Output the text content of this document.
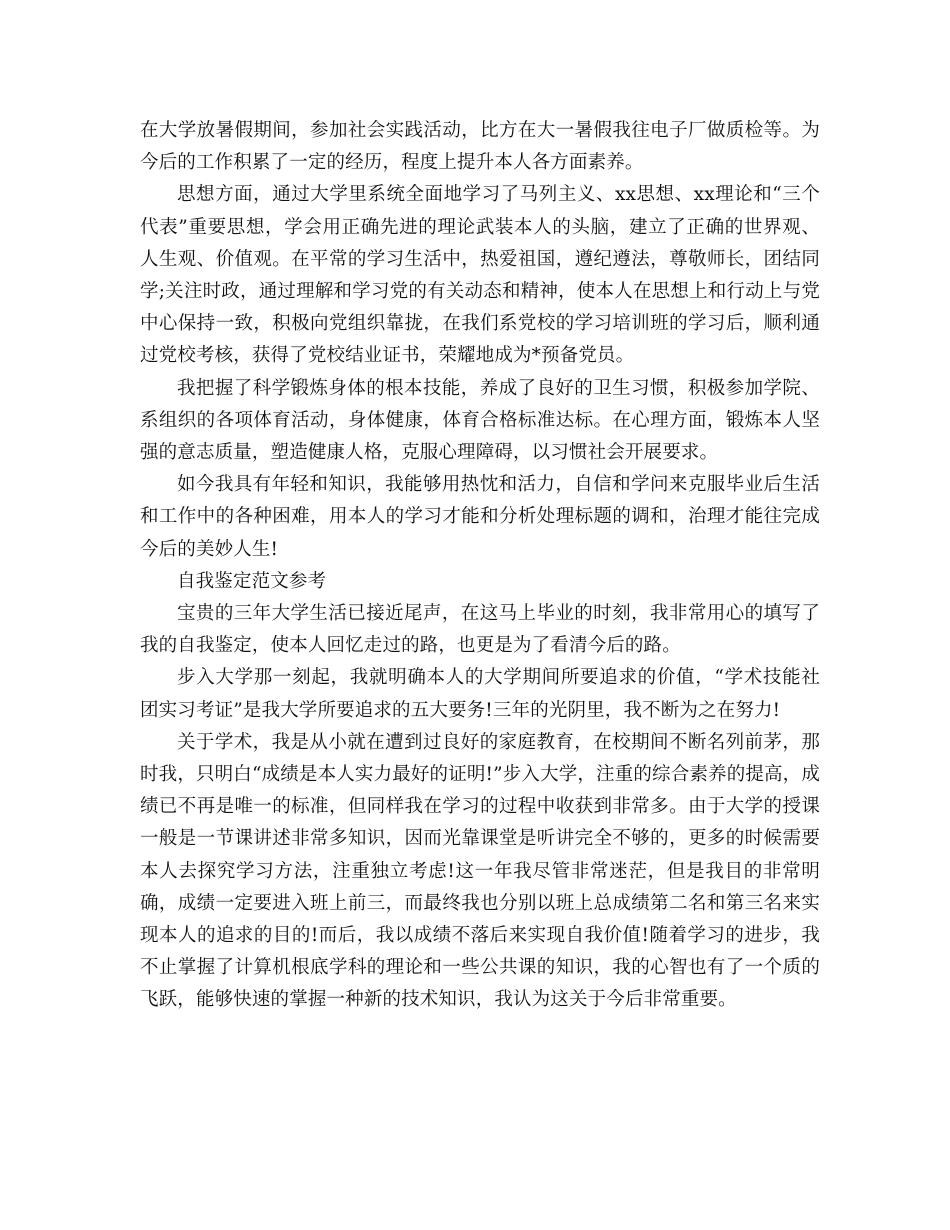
在大学放暑假期间，参加社会实践活动，比方在大一暑假我往电子厂做质检等。为今后的工作积累了一定的经历，程度上提升本人各方面素养。

思想方面，通过大学里系统全面地学习了马列主义、xx思想、xx理论和“三个代表”重要思想，学会用正确先进的理论武装本人的头脑，建立了正确的世界观、人生观、价值观。在平常的学习生活中，热爱祖国，遵纪遵法，尊敬师长，团结同学;关注时政，通过理解和学习党的有关动态和精神，使本人在思想上和行动上与党中心保持一致，积极向党组织靠拢，在我们系党校的学习培训班的学习后，顺利通过党校考核，获得了党校结业证书，荣耀地成为*预备党员。

我把握了科学锻炼身体的根本技能，养成了良好的卫生习惯，积极参加学院、系组织的各项体育活动，身体健康，体育合格标准达标。在心理方面，锻炼本人坚强的意志质量，塑造健康人格，克服心理障碍，以习惯社会开展要求。

如今我具有年轻和知识，我能够用热忱和活力，自信和学问来克服毕业后生活和工作中的各种困难，用本人的学习才能和分析处理标题的调和，治理才能往完成今后的美妙人生!

自我鉴定范文参考

宝贵的三年大学生活已接近尾声，在这马上毕业的时刻，我非常用心的填写了我的自我鉴定，使本人回忆走过的路，也更是为了看清今后的路。

步入大学那一刻起，我就明确本人的大学期间所要追求的价值，“学术技能社团实习考证”是我大学所要追求的五大要务!三年的光阴里，我不断为之在努力!

关于学术，我是从小就在遭到过良好的家庭教育，在校期间不断名列前茅，那时我，只明白“成绩是本人实力最好的证明!”步入大学，注重的综合素养的提高，成绩已不再是唯一的标准，但同样我在学习的过程中收获到非常多。由于大学的授课一般是一节课讲述非常多知识，因而光靠课堂是听讲完全不够的，更多的时候需要本人去探究学习方法，注重独立考虑!这一年我尽管非常迷茫，但是我目的非常明确，成绩一定要进入班上前三，而最终我也分别以班上总成绩第二名和第三名来实现本人的追求的目的!而后，我以成绩不落后来实现自我价值!随着学习的进步，我不止掌握了计算机根底学科的理论和一些公共课的知识，我的心智也有了一个质的飞跃，能够快速的掌握一种新的技术知识，我认为这关于今后非常重要。
